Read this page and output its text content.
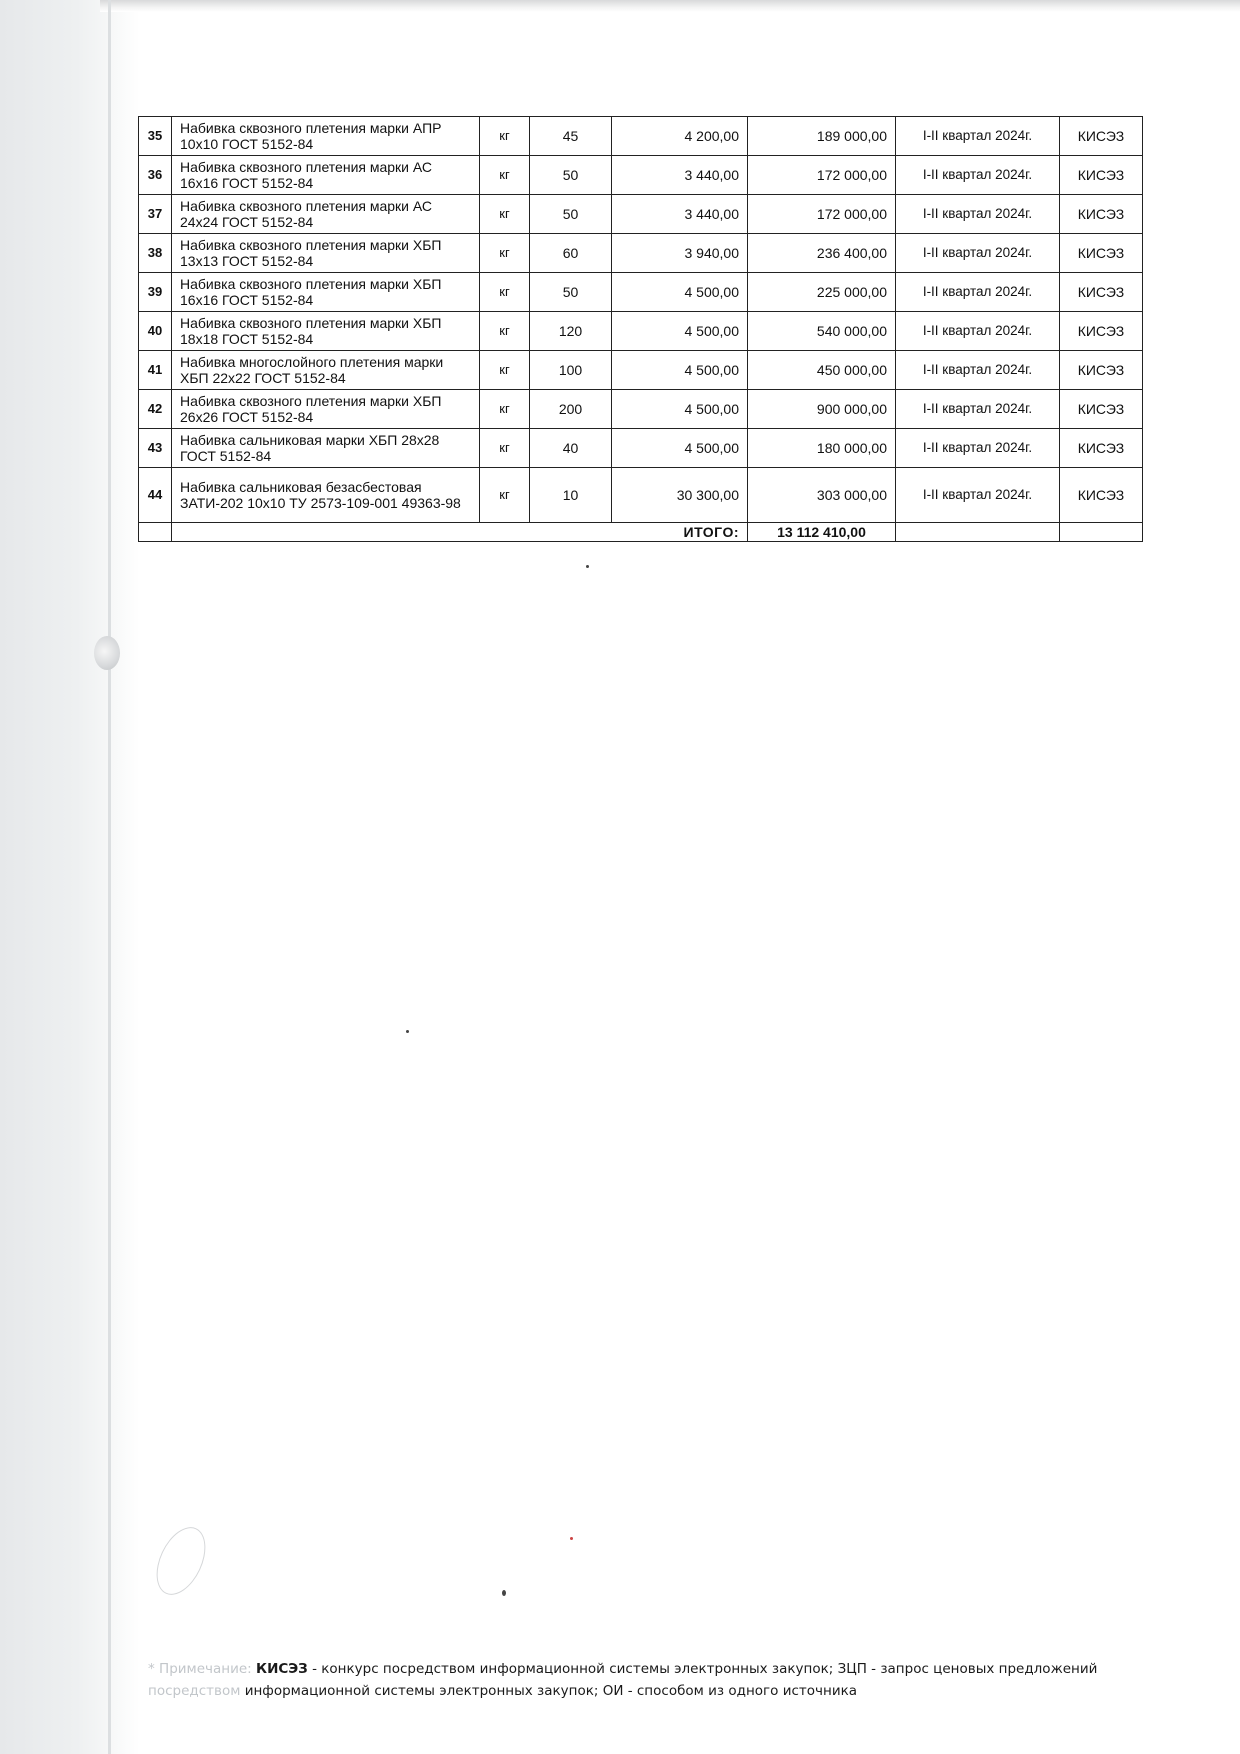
35	Набивка сквозного плетения марки АПР 10х10 ГОСТ 5152-84	кг	45	4 200,00	189 000,00	I-II квартал 2024г.	КИСЭЗ
36	Набивка сквозного плетения марки АС 16х16 ГОСТ 5152-84	кг	50	3 440,00	172 000,00	I-II квартал 2024г.	КИСЭЗ
37	Набивка сквозного плетения марки АС 24х24 ГОСТ 5152-84	кг	50	3 440,00	172 000,00	I-II квартал 2024г.	КИСЭЗ
38	Набивка сквозного плетения марки ХБП 13х13 ГОСТ 5152-84	кг	60	3 940,00	236 400,00	I-II квартал 2024г.	КИСЭЗ
39	Набивка сквозного плетения марки ХБП 16х16 ГОСТ 5152-84	кг	50	4 500,00	225 000,00	I-II квартал 2024г.	КИСЭЗ
40	Набивка сквозного плетения марки ХБП 18х18 ГОСТ 5152-84	кг	120	4 500,00	540 000,00	I-II квартал 2024г.	КИСЭЗ
41	Набивка многослойного плетения марки ХБП 22х22 ГОСТ 5152-84	кг	100	4 500,00	450 000,00	I-II квартал 2024г.	КИСЭЗ
42	Набивка сквозного плетения марки ХБП 26х26 ГОСТ 5152-84	кг	200	4 500,00	900 000,00	I-II квартал 2024г.	КИСЭЗ
43	Набивка сальниковая марки ХБП 28х28 ГОСТ 5152-84	кг	40	4 500,00	180 000,00	I-II квартал 2024г.	КИСЭЗ
44	Набивка сальниковая безасбестовая ЗАТИ-202 10х10 ТУ 2573-109-001 49363-98	кг	10	30 300,00	303 000,00	I-II квартал 2024г.	КИСЭЗ
	ИТОГО:				13 112 410,00		
* Примечание: КИСЭЗ - конкурс посредством информационной системы электронных закупок; ЗЦП - запрос ценовых предложений
посредством информационной системы электронных закупок; ОИ - способом из одного источника
